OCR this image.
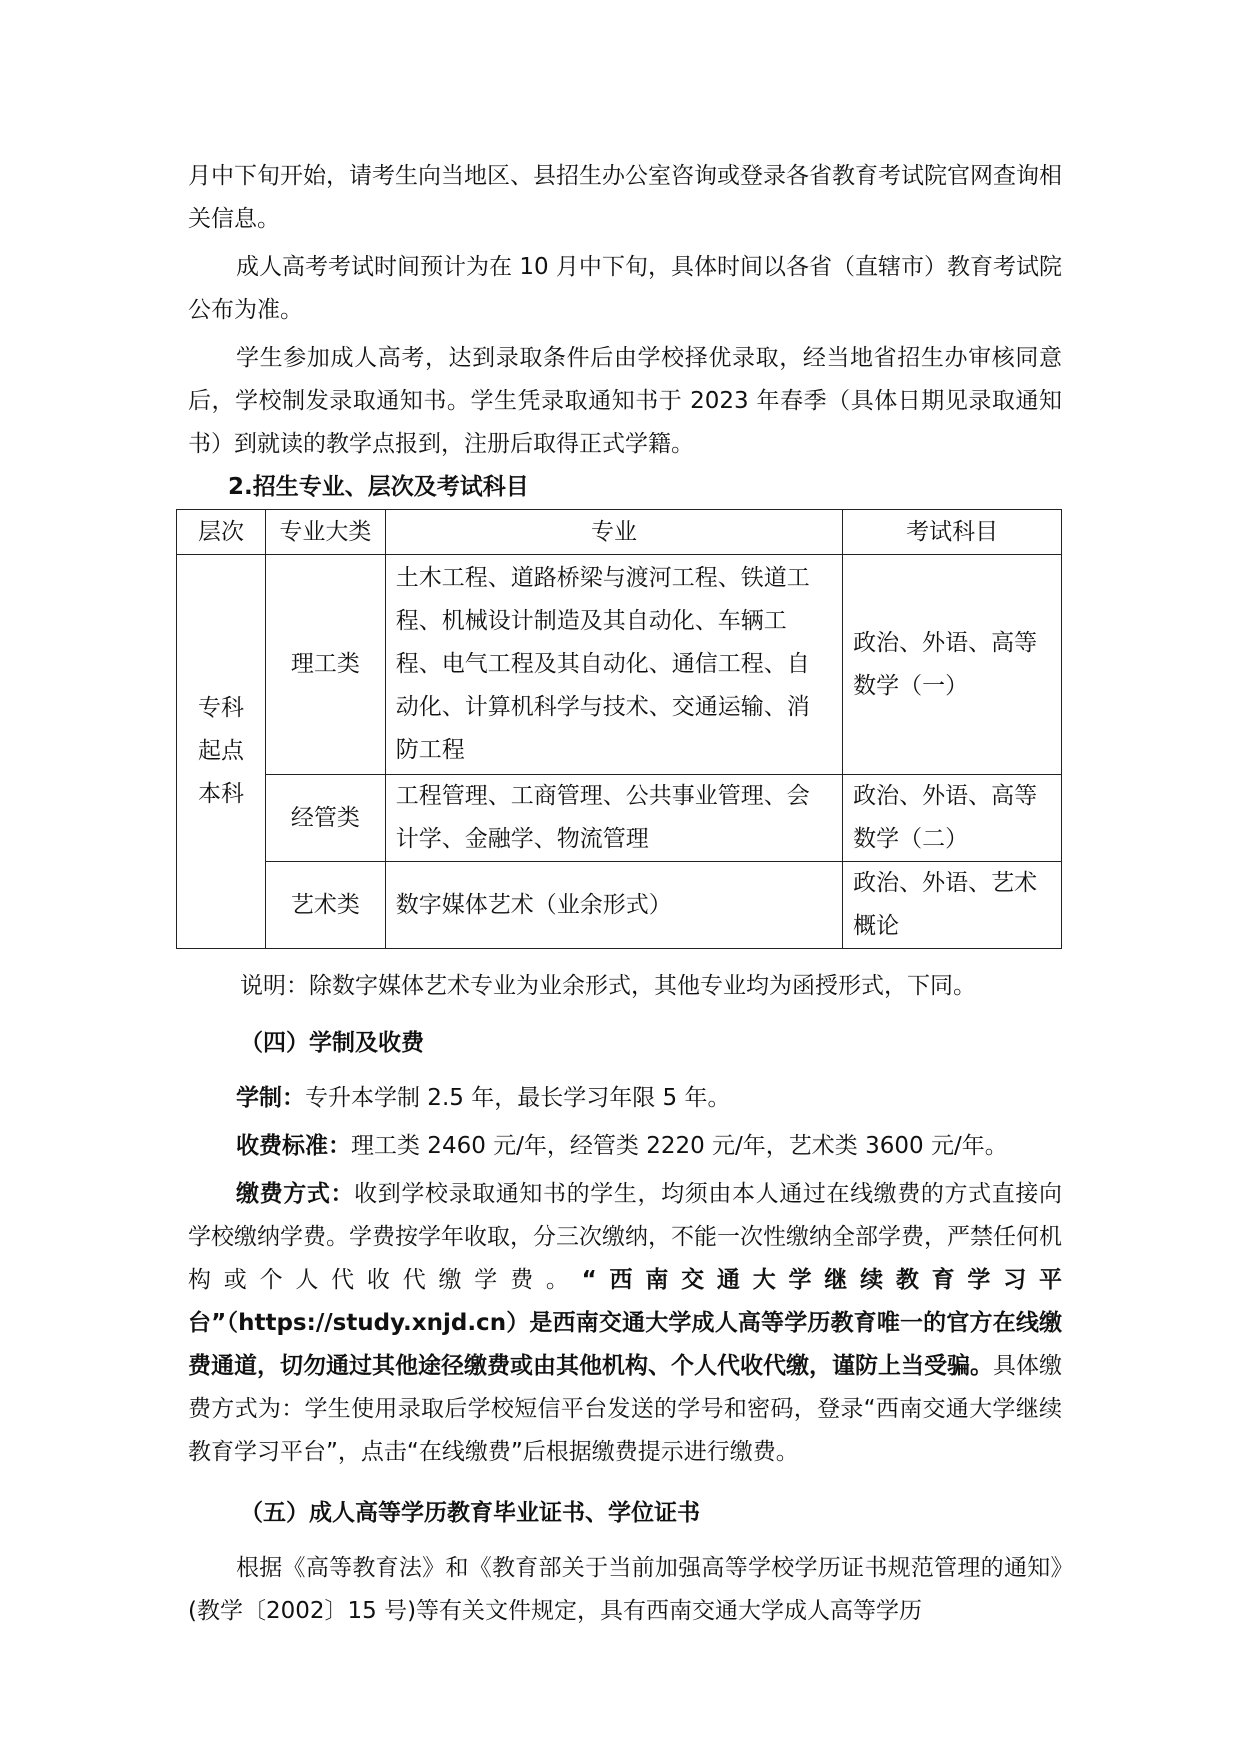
月中下旬开始，请考生向当地区、县招生办公室咨询或登录各省教育考试院官网查询相关信息。

成人高考考试时间预计为在 10 月中下旬，具体时间以各省（直辖市）教育考试院公布为准。

学生参加成人高考，达到录取条件后由学校择优录取，经当地省招生办审核同意后，学校制发录取通知书。学生凭录取通知书于 2023 年春季（具体日期见录取通知书）到就读的教学点报到，注册后取得正式学籍。

2.招生专业、层次及考试科目
层次	专业大类	专业	考试科目
专科起点本科	理工类	土木工程、道路桥梁与渡河工程、铁道工程、机械设计制造及其自动化、车辆工程、电气工程及其自动化、通信工程、自动化、计算机科学与技术、交通运输、消防工程	政治、外语、高等数学（一）
	经管类	工程管理、工商管理、公共事业管理、会计学、金融学、物流管理	政治、外语、高等数学（二）
	艺术类	数字媒体艺术（业余形式）	政治、外语、艺术概论

说明：除数字媒体艺术专业为业余形式，其他专业均为函授形式，下同。

（四）学制及收费

学制：专升本学制 2.5 年，最长学习年限 5 年。

收费标准：理工类 2460 元/年，经管类 2220 元/年，艺术类 3600 元/年。

缴费方式：收到学校录取通知书的学生，均须由本人通过在线缴费的方式直接向学校缴纳学费。学费按学年收取，分三次缴纳，不能一次性缴纳全部学费，严禁任何机构或个人代收代缴学费。“西南交通大学继续教育学习平台”（https://study.xnjd.cn）是西南交通大学成人高等学历教育唯一的官方在线缴费通道，切勿通过其他途径缴费或由其他机构、个人代收代缴，谨防上当受骗。具体缴费方式为：学生使用录取后学校短信平台发送的学号和密码，登录“西南交通大学继续教育学习平台”，点击“在线缴费”后根据缴费提示进行缴费。

（五）成人高等学历教育毕业证书、学位证书

根据《高等教育法》和《教育部关于当前加强高等学校学历证书规范管理的通知》(教学〔2002〕15 号)等有关文件规定，具有西南交通大学成人高等学历
